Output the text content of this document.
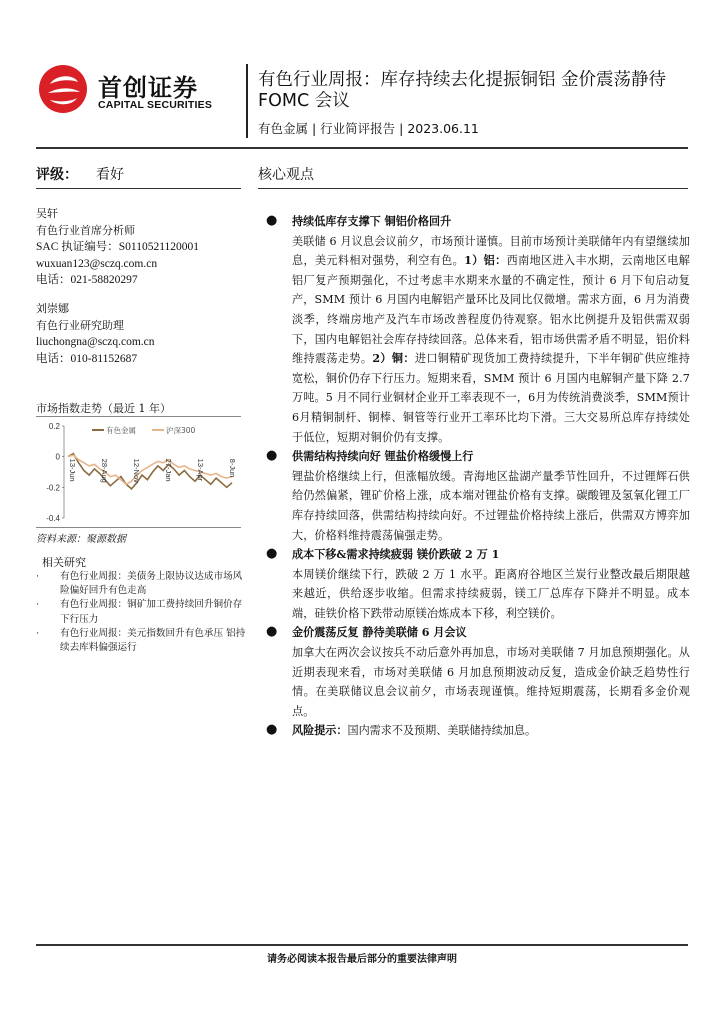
首创证券
CAPITAL SECURITIES
有色行业周报：库存持续去化提振铜铝 金价震荡静待 FOMC 会议
有色金属 | 行业简评报告 | 2023.06.11
评级： 看好	核心观点
吴轩
有色行业首席分析师
SAC 执证编号：S0110521120001
wuxuan123@sczq.com.cn
电话：021-58820297
刘崇娜
有色行业研究助理
liuchongna@sczq.com.cn
电话：010-81152687
市场指数走势（最近 1 年）
0.2
0
-0.2
-0.4
13-Jun	28-Aug	12-Nov	27-Jan	13-Apr	8-Jun
有色金属	沪深300
资料来源：聚源数据
相关研究
· 有色行业周报：美债务上限协议达成市场风险偏好回升有色走高
· 有色行业周报：铜矿加工费持续回升铜价存下行压力
· 有色行业周报：美元指数回升有色承压 铝持续去库料偏强运行
● 持续低库存支撑下 铜铝价格回升
美联储 6 月议息会议前夕，市场预计谨慎。目前市场预计美联储年内有望继续加息，美元料相对强势，利空有色。1）铝：西南地区进入丰水期，云南地区电解铝厂复产预期强化，不过考虑丰水期来水量的不确定性，预计 6 月下旬启动复产，SMM 预计 6 月国内电解铝产量环比及同比仅微增。需求方面，6 月为消费淡季，终端房地产及汽车市场改善程度仍待观察。铝水比例提升及铝供需双弱下，国内电解铝社会库存持续回落。总体来看，铝市场供需矛盾不明显，铝价料维持震荡走势。2）铜：进口铜精矿现货加工费持续提升，下半年铜矿供应维持宽松，铜价仍存下行压力。短期来看，SMM 预计 6 月国内电解铜产量下降 2.7 万吨。5 月不同行业铜材企业开工率表现不一，6月为传统消费淡季，SMM预计6月精铜制杆、铜棒、铜管等行业开工率环比均下滑。三大交易所总库存持续处于低位，短期对铜价仍有支撑。
● 供需结构持续向好 锂盐价格缓慢上行
锂盐价格继续上行，但涨幅放缓。青海地区盐湖产量季节性回升，不过锂辉石供给仍然偏紧，锂矿价格上涨，成本端对锂盐价格有支撑。碳酸锂及氢氧化锂工厂库存持续回落，供需结构持续向好。不过锂盐价格持续上涨后，供需双方博弈加大，价格料维持震荡偏强走势。
● 成本下移&需求持续疲弱 镁价跌破 2 万 1
本周镁价继续下行，跌破 2 万 1 水平。距离府谷地区兰炭行业整改最后期限越来越近，供给逐步收缩。但需求持续疲弱，镁工厂总库存下降并不明显。成本端，硅铁价格下跌带动原镁冶炼成本下移，利空镁价。
● 金价震荡反复 静待美联储 6 月会议
加拿大在两次会议按兵不动后意外再加息，市场对美联储 7 月加息预期强化。从近期表现来看，市场对美联储 6 月加息预期波动反复，造成金价缺乏趋势性行情。在美联储议息会议前夕，市场表现谨慎。维持短期震荡，长期看多金价观点。
● 风险提示：国内需求不及预期、美联储持续加息。
请务必阅读本报告最后部分的重要法律声明
